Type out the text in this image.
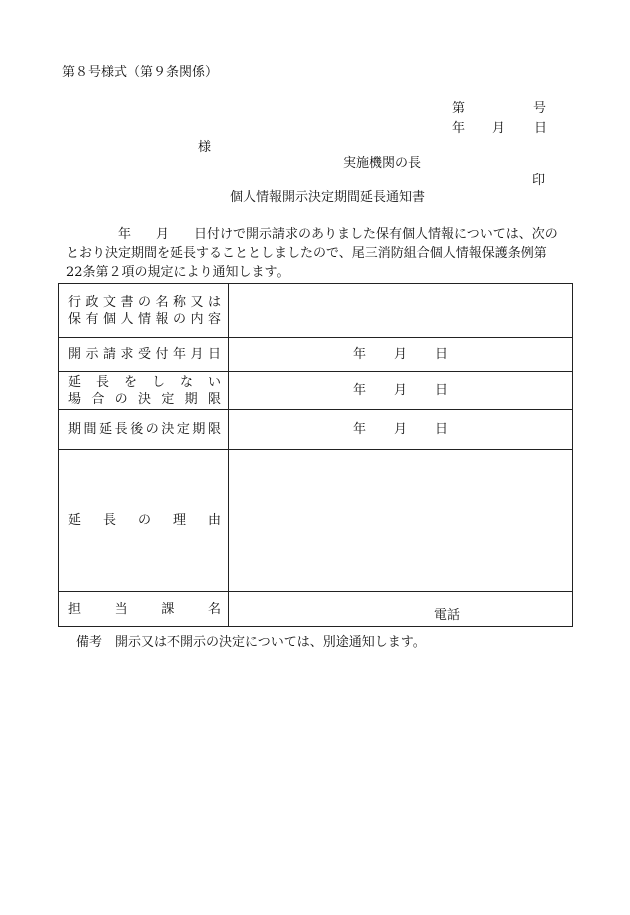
第８号様式（第９条関係）
第	号
年 月 日
様
実施機関の長
印
個人情報開示決定期間延長通知書
年 月 日付けで開示請求のありました保有個人情報については、次の
とおり決定期間を延長することとしましたので、尾三消防組合個人情報保護条例第
22条第２項の規定により通知します。
行政文書の名称又は
保有個人情報の内容	

開示請求受付年月日	年 月 日

延長をしない
場合の決定期限	年 月 日

期間延長後の決定期限	年 月 日

延長の理由	

担当課名	電話
備考　開示又は不開示の決定については、別途通知します。
